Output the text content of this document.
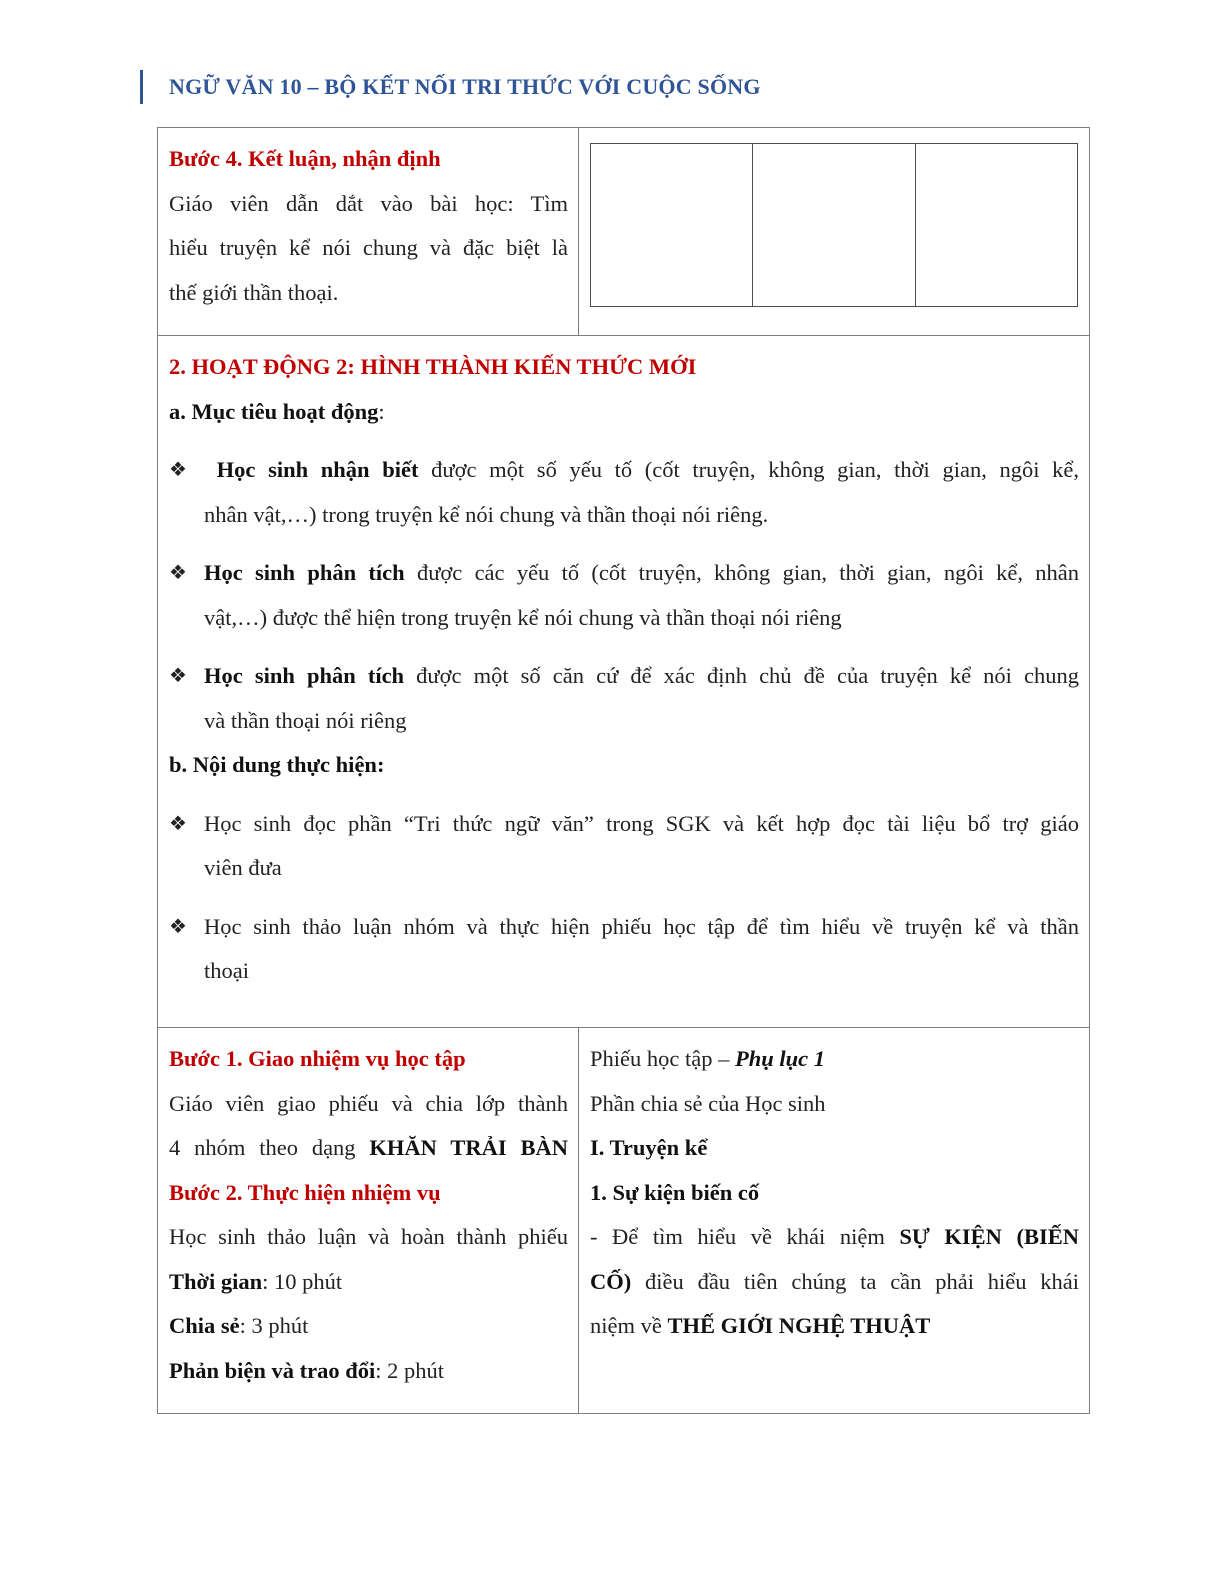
NGỮ VĂN 10 – BỘ KẾT NỐI TRI THỨC VỚI CUỘC SỐNG
Bước 4. Kết luận, nhận định
Giáo viên dẫn dắt vào bài học: Tìm
hiểu truyện kể nói chung và đặc biệt là
thế giới thần thoại.

2. HOẠT ĐỘNG 2: HÌNH THÀNH KIẾN THỨC MỚI
a. Mục tiêu hoạt động:
❖	Học sinh nhận biết được một số yếu tố (cốt truyện, không gian, thời gian, ngôi kể,
nhân vật,…) trong truyện kể nói chung và thần thoại nói riêng.
❖ Học sinh phân tích được các yếu tố (cốt truyện, không gian, thời gian, ngôi kể, nhân
vật,…) được thể hiện trong truyện kể nói chung và thần thoại nói riêng
❖ Học sinh phân tích được một số căn cứ để xác định chủ đề của truyện kể nói chung
và thần thoại nói riêng
b. Nội dung thực hiện:
❖ Học sinh đọc phần “Tri thức ngữ văn” trong SGK và kết hợp đọc tài liệu bổ trợ giáo
viên đưa
❖ Học sinh thảo luận nhóm và thực hiện phiếu học tập để tìm hiểu về truyện kể và thần
thoại

Bước 1. Giao nhiệm vụ học tập
Giáo viên giao phiếu và chia lớp thành
4 nhóm theo dạng KHĂN TRẢI BÀN
Bước 2. Thực hiện nhiệm vụ
Học sinh thảo luận và hoàn thành phiếu
Thời gian: 10 phút
Chia sẻ: 3 phút
Phản biện và trao đổi: 2 phút

Phiếu học tập – Phụ lục 1
Phần chia sẻ của Học sinh
I. Truyện kể
1. Sự kiện biến cố
- Để tìm hiểu về khái niệm SỰ KIỆN (BIẾN
CỐ) điều đầu tiên chúng ta cần phải hiểu khái
niệm về THẾ GIỚI NGHỆ THUẬT
